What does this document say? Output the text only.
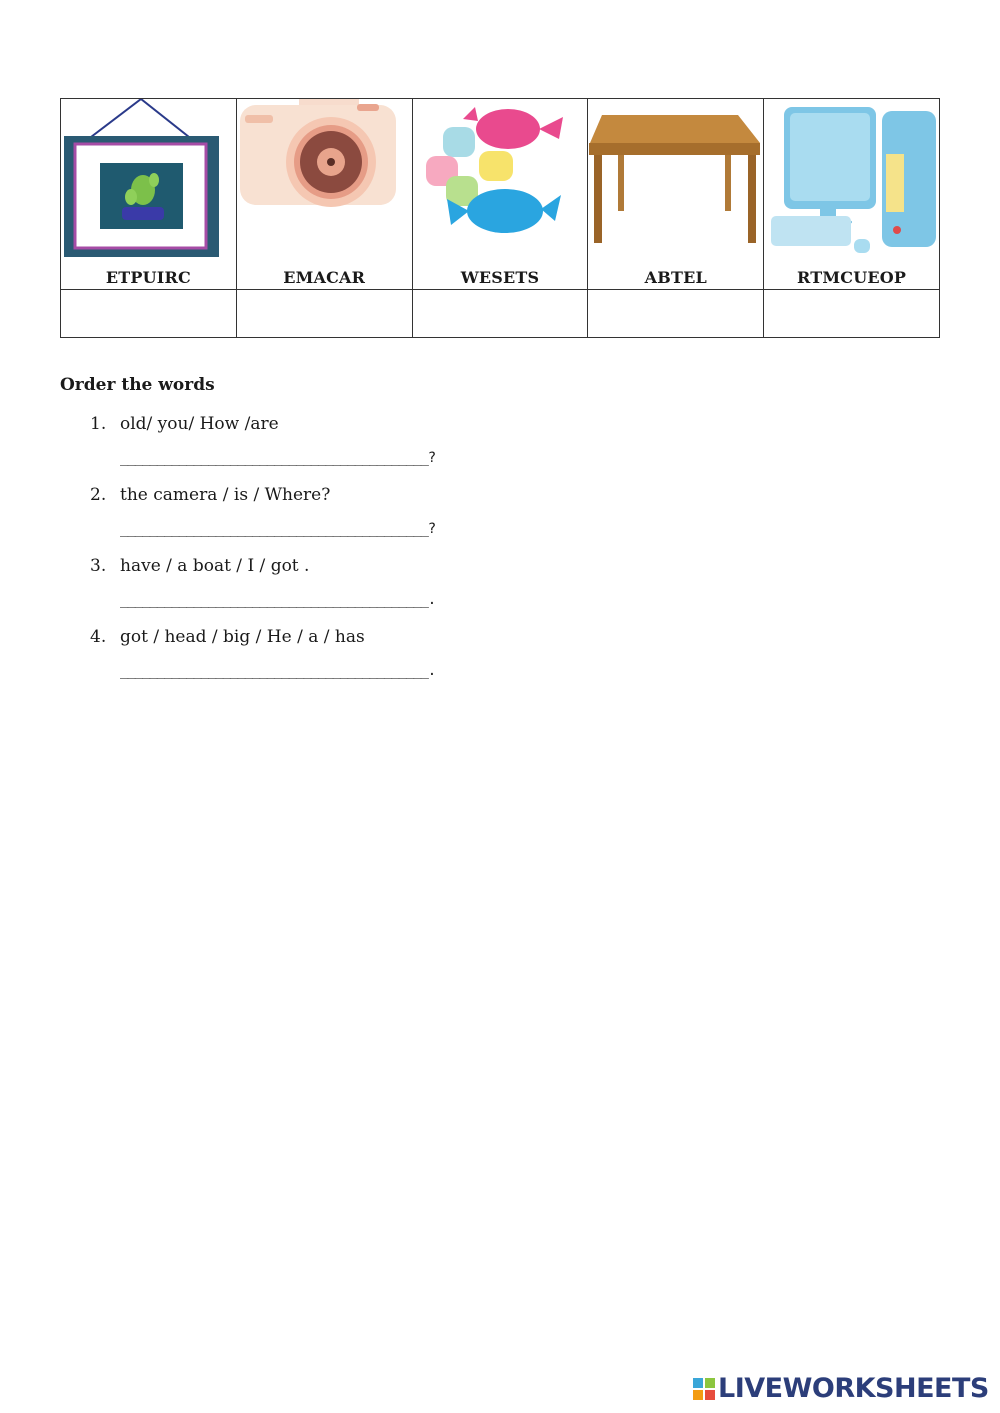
ETPUIRC	EMACAR	WESETS	ABTEL	RTMCUEOP

Order the words
1. old/ you/ How /are
__________________________________________?
2. the camera / is / Where?
__________________________________________?
3. have / a boat / I / got .
__________________________________________.
4. got / head / big / He / a / has
__________________________________________.
LIVEWORKSHEETS
